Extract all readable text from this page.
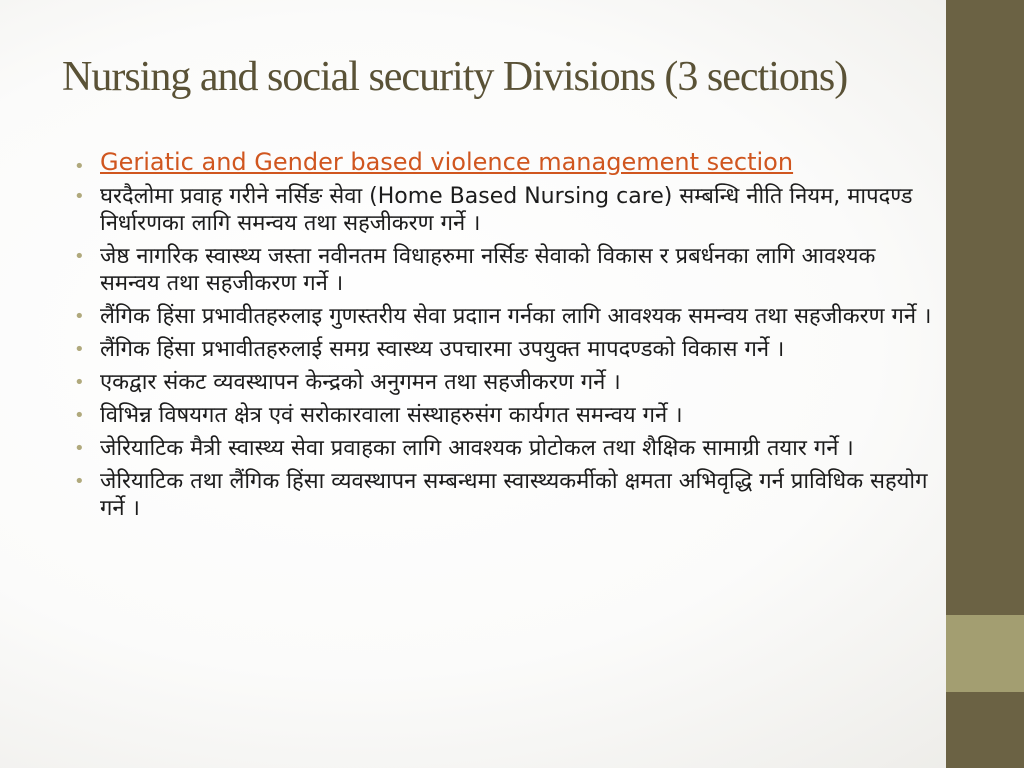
Nursing and social security Divisions (3 sections)
• Geriatic and Gender based violence management section
• घरदैलोमा प्रवाह गरीने नर्सिङ सेवा (Home Based Nursing care) सम्बन्धि नीति नियम, मापदण्ड निर्धारणका लागि समन्वय तथा सहजीकरण गर्ने ।
• जेष्ठ नागरिक स्वास्थ्य जस्ता नवीनतम विधाहरुमा नर्सिङ सेवाको विकास र प्रबर्धनका लागि आवश्यक समन्वय तथा सहजीकरण गर्ने ।
• लैंगिक हिंसा प्रभावीतहरुलाइ गुणस्तरीय सेवा प्रदाान गर्नका लागि आवश्यक समन्वय तथा सहजीकरण गर्ने ।
• लैंगिक हिंसा प्रभावीतहरुलाई समग्र स्वास्थ्य उपचारमा उपयुक्त मापदण्डको विकास गर्ने ।
• एकद्वार संकट व्यवस्थापन केन्द्रको अनुगमन तथा सहजीकरण गर्ने ।
• विभिन्न विषयगत क्षेत्र एवं सरोकारवाला संस्थाहरुसंग कार्यगत समन्वय गर्ने ।
• जेरियाटिक मैत्री स्वास्थ्य सेवा प्रवाहका लागि आवश्यक प्रोटोकल तथा शैक्षिक सामाग्री तयार गर्ने ।
• जेरियाटिक तथा लैंगिक हिंसा व्यवस्थापन सम्बन्धमा स्वास्थ्यकर्मीको क्षमता अभिवृद्धि गर्न प्राविधिक सहयोग गर्ने ।
